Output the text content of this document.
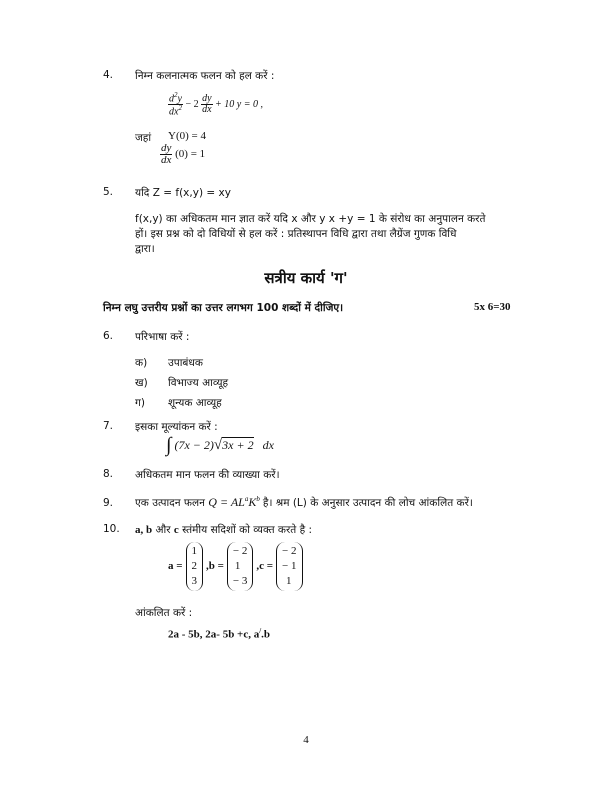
4. निम्न कलनात्मक फलन को हल करें :
$\frac{d^2y}{dx^2} - 2 \frac{dy}{dx} + 10$ y = 0 ,
जहां Y(0) = 4
$\frac{dy}{dx} (0) = 1$
5. यदि Z = f(x,y) = xy
f(x,y) का अधिकतम मान ज्ञात करें यदि x और y x +y = 1 के संरोध का अनुपालन करते
हों। इस प्रश्न को दो विधियों से हल करें : प्रतिस्थापन विधि द्वारा तथा लैग्रेंज गुणक विधि
द्वारा।
सत्रीय कार्य 'ग'
निम्न लघु उत्तरीय प्रश्नों का उत्तर लगभग 100 शब्दों में दीजिए।	5x 6=30
6. परिभाषा करें :
क) उपाबंधक
ख) विभाज्य आव्यूह
ग) शून्यक आव्यूह
7. इसका मूल्यांकन करें :
∫ (7x − 2)√3x + 2 dx
8. अधिकतम मान फलन की व्याख्या करें।
9. एक उत्पादन फलन $Q = AL^aK^b$ है। श्रम (L) के अनुसार उत्पादन की लोच आंकलित करें।
10. a, b और c स्तंमीय सदिशों को व्यक्त करते है :
a =
1
2
3
,b =
− 2
1
− 3
,c =
− 2
− 1
1
आंकलित करें :
2a - 5b, 2a- 5b +c, a/.b
4
